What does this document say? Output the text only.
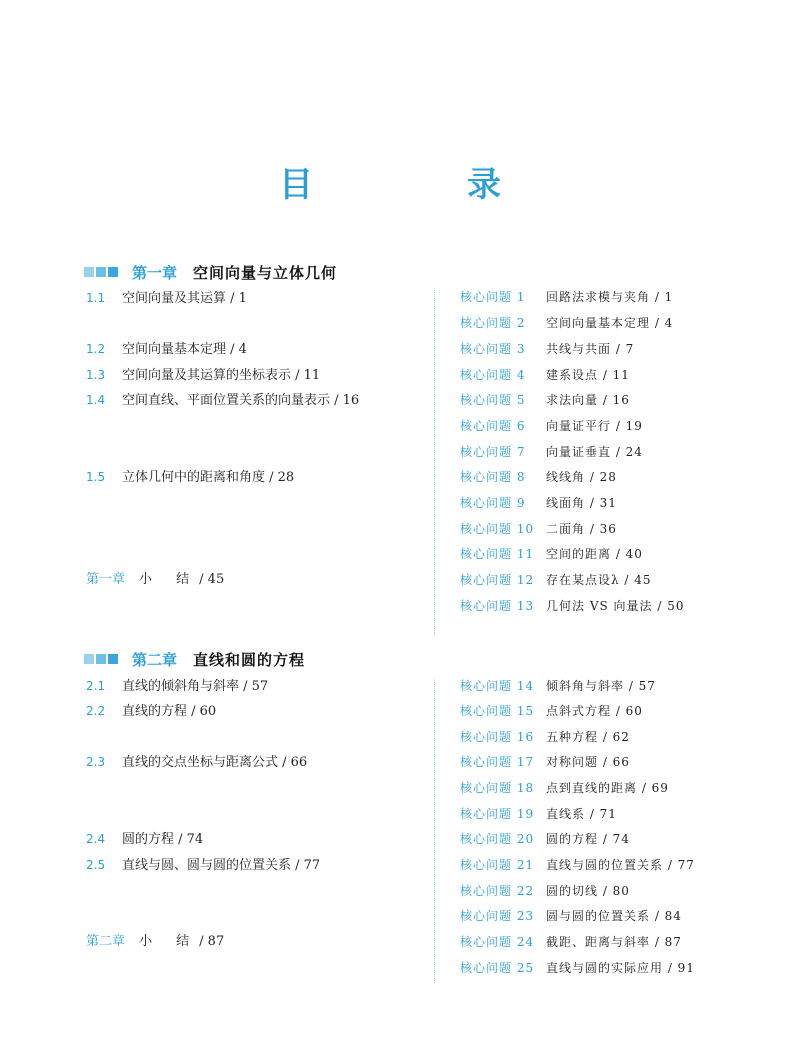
目　录
第一章 空间向量与立体几何
1.1 空间向量及其运算 / 1
1.2 空间向量基本定理 / 4
1.3 空间向量及其运算的坐标表示 / 11
1.4 空间直线、平面位置关系的向量表示 / 16
1.5 立体几何中的距离和角度 / 28
第一章 小 结/ 45
核心问题 1 回路法求模与夹角 / 1
核心问题 2 空间向量基本定理 / 4
核心问题 3 共线与共面 / 7
核心问题 4 建系设点 / 11
核心问题 5 求法向量 / 16
核心问题 6 向量证平行 / 19
核心问题 7 向量证垂直 / 24
核心问题 8 线线角 / 28
核心问题 9 线面角 / 31
核心问题 10 二面角 / 36
核心问题 11 空间的距离 / 40
核心问题 12 存在某点设λ / 45
核心问题 13 几何法 VS 向量法 / 50
第二章 直线和圆的方程
2.1 直线的倾斜角与斜率 / 57
2.2 直线的方程 / 60
2.3 直线的交点坐标与距离公式 / 66
2.4 圆的方程 / 74
2.5 直线与圆、圆与圆的位置关系 / 77
第二章 小 结/ 87
核心问题 14 倾斜角与斜率 / 57
核心问题 15 点斜式方程 / 60
核心问题 16 五种方程 / 62
核心问题 17 对称问题 / 66
核心问题 18 点到直线的距离 / 69
核心问题 19 直线系 / 71
核心问题 20 圆的方程 / 74
核心问题 21 直线与圆的位置关系 / 77
核心问题 22 圆的切线 / 80
核心问题 23 圆与圆的位置关系 / 84
核心问题 24 截距、距离与斜率 / 87
核心问题 25 直线与圆的实际应用 / 91
